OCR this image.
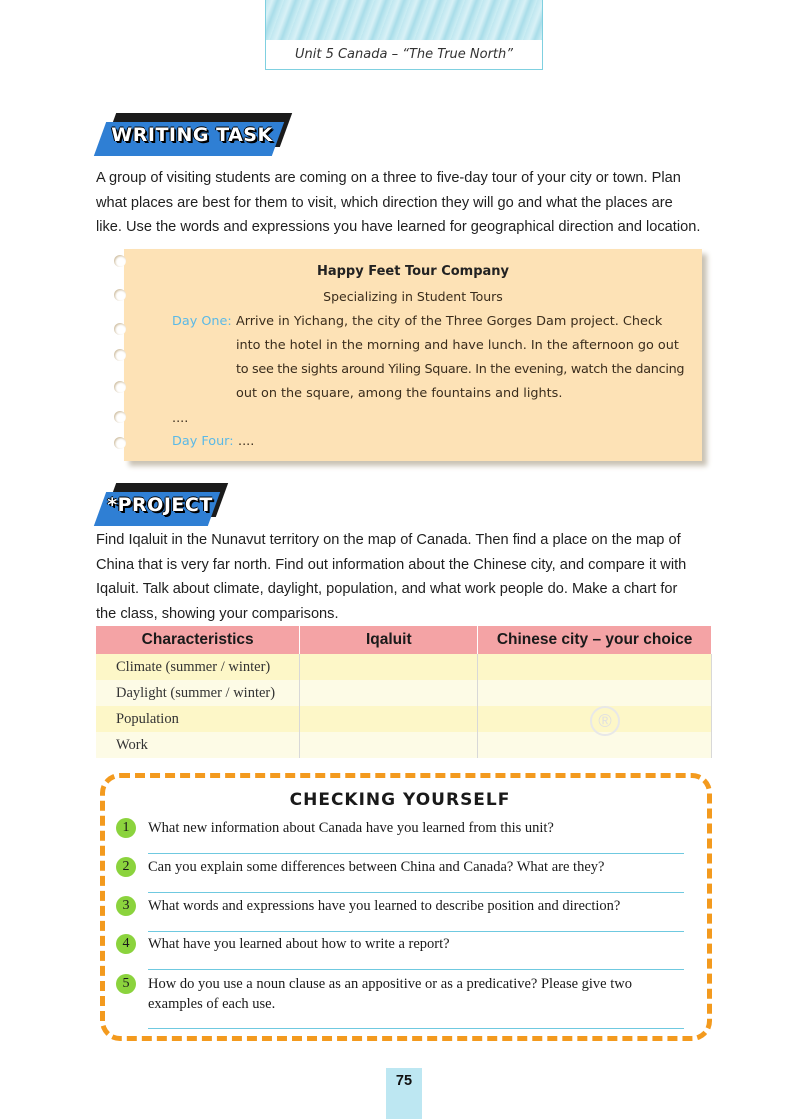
Unit 5 Canada – “The True North”
WRITING TASK
A group of visiting students are coming on a three to five-day tour of your city or town. Plan
what places are best for them to visit, which direction they will go and what the places are
like. Use the words and expressions you have learned for geographical direction and location.
Happy Feet Tour Company
Specializing in Student Tours
Day One: Arrive in Yichang, the city of the Three Gorges Dam project. Check
into the hotel in the morning and have lunch. In the afternoon go out
to see the sights around Yiling Square. In the evening, watch the dancing
out on the square, among the fountains and lights.
....
Day Four: ....
*PROJECT
Find Iqaluit in the Nunavut territory on the map of Canada. Then find a place on the map of
China that is very far north. Find out information about the Chinese city, and compare it with
Iqaluit. Talk about climate, daylight, population, and what work people do. Make a chart for
the class, showing your comparisons.
Characteristics	Iqaluit	Chinese city – your choice
Climate (summer / winter)		
Daylight (summer / winter)		
Population		
Work		
®
CHECKING YOURSELF
1	What new information about Canada have you learned from this unit?
2	Can you explain some differences between China and Canada? What are they?
3	What words and expressions have you learned to describe position and direction?
4	What have you learned about how to write a report?
5	How do you use a noun clause as an appositive or as a predicative? Please give two
examples of each use.
75
